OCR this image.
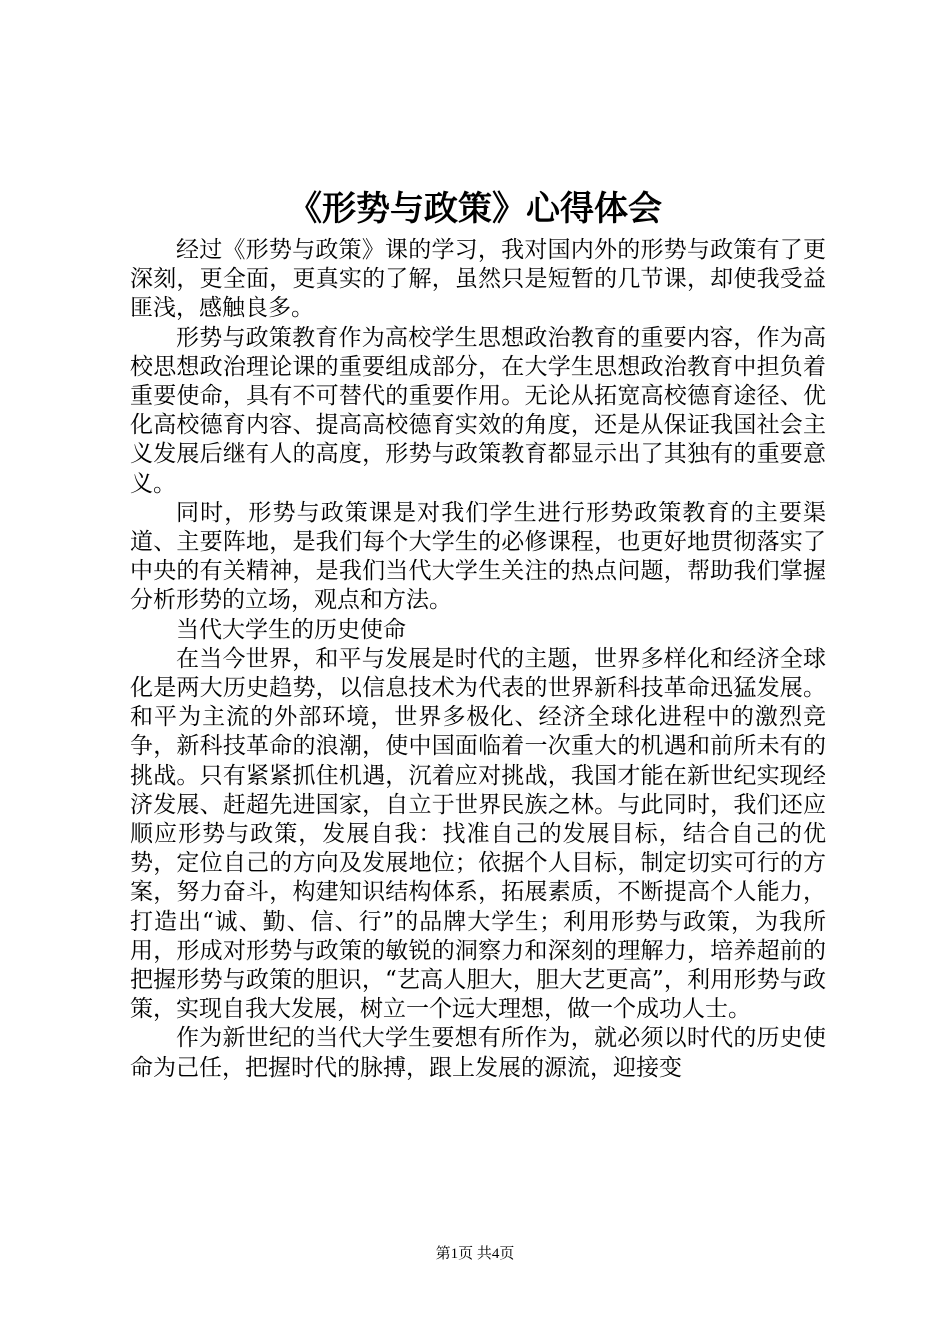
《形势与政策》心得体会

经过《形势与政策》课的学习，我对国内外的形势与政策有了更深刻，更全面，更真实的了解，虽然只是短暂的几节课，却使我受益匪浅，感触良多。

形势与政策教育作为高校学生思想政治教育的重要内容，作为高校思想政治理论课的重要组成部分，在大学生思想政治教育中担负着重要使命，具有不可替代的重要作用。无论从拓宽高校德育途径、优化高校德育内容、提高高校德育实效的角度，还是从保证我国社会主义发展后继有人的高度，形势与政策教育都显示出了其独有的重要意义。

同时，形势与政策课是对我们学生进行形势政策教育的主要渠道、主要阵地，是我们每个大学生的必修课程，也更好地贯彻落实了中央的有关精神，是我们当代大学生关注的热点问题，帮助我们掌握分析形势的立场，观点和方法。

当代大学生的历史使命

在当今世界，和平与发展是时代的主题，世界多样化和经济全球化是两大历史趋势，以信息技术为代表的世界新科技革命迅猛发展。和平为主流的外部环境，世界多极化、经济全球化进程中的激烈竞争，新科技革命的浪潮，使中国面临着一次重大的机遇和前所未有的挑战。只有紧紧抓住机遇，沉着应对挑战，我国才能在新世纪实现经济发展、赶超先进国家，自立于世界民族之林。与此同时，我们还应顺应形势与政策，发展自我：找准自己的发展目标，结合自己的优势，定位自己的方向及发展地位；依据个人目标，制定切实可行的方案，努力奋斗，构建知识结构体系，拓展素质，不断提高个人能力，打造出“诚、勤、信、行”的品牌大学生；利用形势与政策，为我所用，形成对形势与政策的敏锐的洞察力和深刻的理解力，培养超前的把握形势与政策的胆识，“艺高人胆大，胆大艺更高”，利用形势与政策，实现自我大发展，树立一个远大理想，做一个成功人士。

作为新世纪的当代大学生要想有所作为，就必须以时代的历史使命为己任，把握时代的脉搏，跟上发展的源流，迎接变

第1页 共4页
